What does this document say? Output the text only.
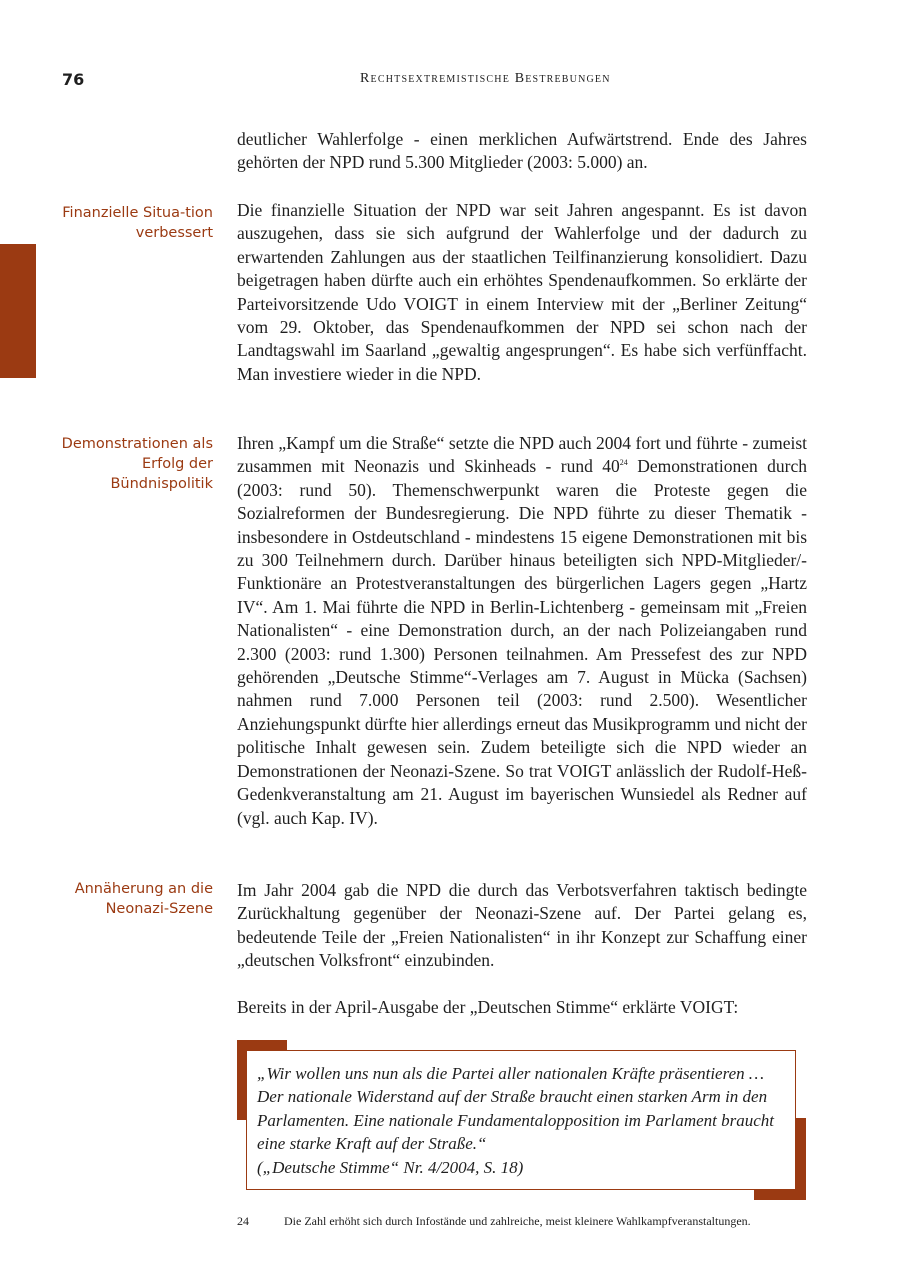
76	Rechtsextremistische Bestrebungen

deutlicher Wahlerfolge - einen merklichen Aufwärtstrend. Ende des Jahres gehörten der NPD rund 5.300 Mitglieder (2003: 5.000) an.

Finanzielle Situa-tion verbessert

Die finanzielle Situation der NPD war seit Jahren angespannt. Es ist davon auszugehen, dass sie sich aufgrund der Wahlerfolge und der dadurch zu erwartenden Zahlungen aus der staatlichen Teilfinanzierung konsolidiert. Dazu beigetragen haben dürfte auch ein erhöhtes Spendenaufkommen. So erklärte der Parteivorsitzende Udo VOIGT in einem Interview mit der „Berliner Zeitung“ vom 29. Oktober, das Spendenaufkommen der NPD sei schon nach der Landtagswahl im Saarland „gewaltig angesprungen“. Es habe sich verfünffacht. Man investiere wieder in die NPD.

Demonstrationen als Erfolg der Bündnispolitik

Ihren „Kampf um die Straße“ setzte die NPD auch 2004 fort und führte - zumeist zusammen mit Neonazis und Skinheads - rund $40^{24}$ Demonstrationen durch (2003: rund 50). Themenschwerpunkt waren die Proteste gegen die Sozialreformen der Bundesregierung. Die NPD führte zu dieser Thematik - insbesondere in Ostdeutschland - mindestens 15 eigene Demonstrationen mit bis zu 300 Teilnehmern durch. Darüber hinaus beteiligten sich NPD-Mitglieder/-Funktionäre an Protestveranstaltungen des bürgerlichen Lagers gegen „Hartz IV“. Am 1. Mai führte die NPD in Berlin-Lichtenberg - gemeinsam mit „Freien Nationalisten“ - eine Demonstration durch, an der nach Polizeiangaben rund 2.300 (2003: rund 1.300) Personen teilnahmen. Am Pressefest des zur NPD gehörenden „Deutsche Stimme“-Verlages am 7. August in Mücka (Sachsen) nahmen rund 7.000 Personen teil (2003: rund 2.500). Wesentlicher Anziehungspunkt dürfte hier allerdings erneut das Musikprogramm und nicht der politische Inhalt gewesen sein. Zudem beteiligte sich die NPD wieder an Demonstrationen der Neonazi-Szene. So trat VOIGT anlässlich der Rudolf-Heß-Gedenkveranstaltung am 21. August im bayerischen Wunsiedel als Redner auf (vgl. auch Kap. IV).

Annäherung an die Neonazi-Szene

Im Jahr 2004 gab die NPD die durch das Verbotsverfahren taktisch bedingte Zurückhaltung gegenüber der Neonazi-Szene auf. Der Partei gelang es, bedeutende Teile der „Freien Nationalisten“ in ihr Konzept zur Schaffung einer „deutschen Volksfront“ einzubinden.

Bereits in der April-Ausgabe der „Deutschen Stimme“ erklärte VOIGT:

„Wir wollen uns nun als die Partei aller nationalen Kräfte präsentieren … Der nationale Widerstand auf der Straße braucht einen starken Arm in den Parlamenten. Eine nationale Fundamentalopposition im Parlament braucht eine starke Kraft auf der Straße.“

(„Deutsche Stimme“ Nr. 4/2004, S. 18)

24	Die Zahl erhöht sich durch Infostände und zahlreiche, meist kleinere Wahlkampfveranstaltungen.
